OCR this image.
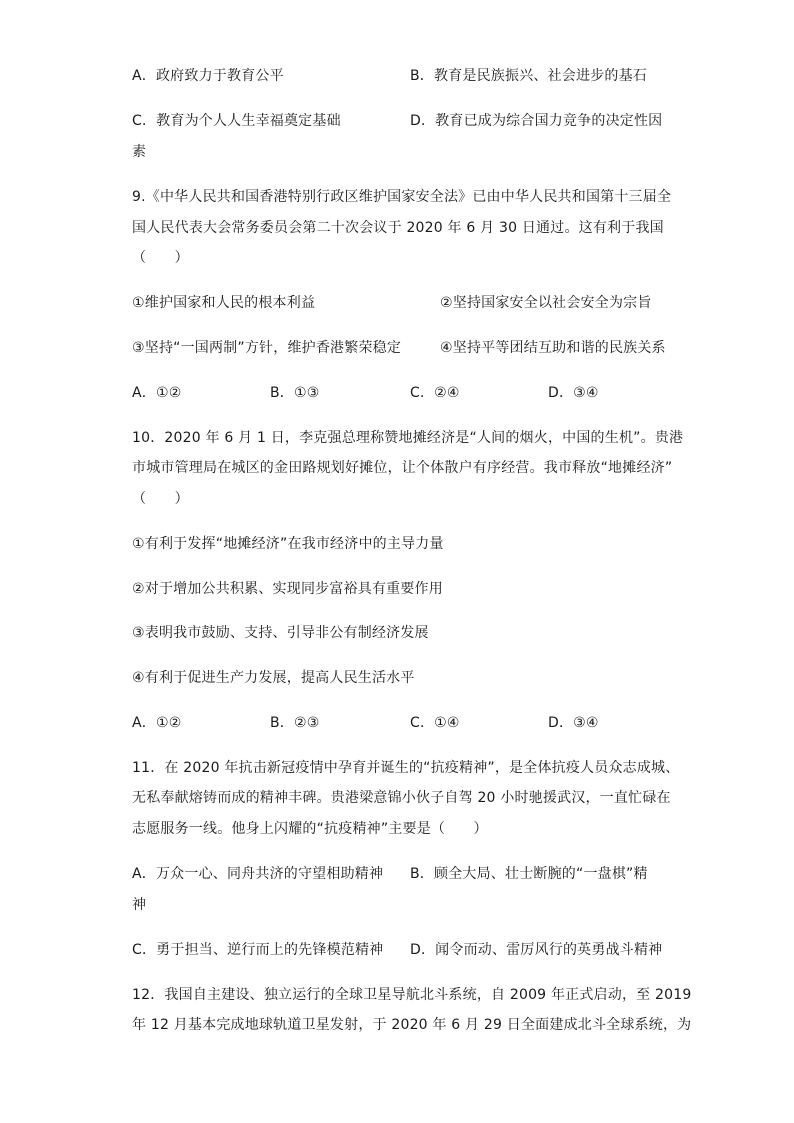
A．政府致力于教育公平	B．教育是民族振兴、社会进步的基石
C．教育为个人人生幸福奠定基础	D．教育已成为综合国力竞争的决定性因
素
9.《中华人民共和国香港特别行政区维护国家安全法》已由中华人民共和国第十三届全
国人民代表大会常务委员会第二十次会议于 2020 年 6 月 30 日通过。这有利于我国
（　　）
①维护国家和人民的根本利益	②坚持国家安全以社会安全为宗旨
③坚持“一国两制”方针，维护香港繁荣稳定	④坚持平等团结互助和谐的民族关系
A．①②	B．①③	C．②④	D．③④
10．2020 年 6 月 1 日，李克强总理称赞地摊经济是“人间的烟火，中国的生机”。贵港
市城市管理局在城区的金田路规划好摊位，让个体散户有序经营。我市释放“地摊经济”
（　　）
①有利于发挥“地摊经济”在我市经济中的主导力量
②对于增加公共积累、实现同步富裕具有重要作用
③表明我市鼓励、支持、引导非公有制经济发展
④有利于促进生产力发展，提高人民生活水平
A．①②	B．②③	C．①④	D．③④
11．在 2020 年抗击新冠疫情中孕育并诞生的“抗疫精神”，是全体抗疫人员众志成城、
无私奉献熔铸而成的精神丰碑。贵港梁意锦小伙子自驾 20 小时驰援武汉，一直忙碌在
志愿服务一线。他身上闪耀的“抗疫精神”主要是（　　）
A．万众一心、同舟共济的守望相助精神 B．顾全大局、壮士断腕的“一盘棋”精
神
C．勇于担当、逆行而上的先锋模范精神 D．闻令而动、雷厉风行的英勇战斗精神
12．我国自主建设、独立运行的全球卫星导航北斗系统，自 2009 年正式启动，至 2019
年 12 月基本完成地球轨道卫星发射，于 2020 年 6 月 29 日全面建成北斗全球系统，为
